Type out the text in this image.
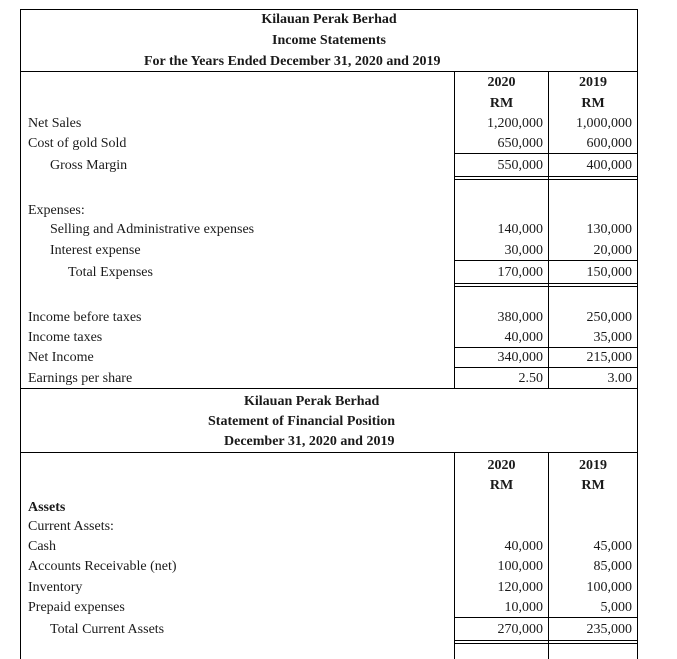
Kilauan Perak Berhad
Income Statements
For the Years Ended December 31, 2020 and 2019
2020	2019
RM	RM
Net Sales	1,200,000	1,000,000
Cost of gold Sold	650,000	600,000
Gross Margin	550,000	400,000
Expenses:
Selling and Administrative expenses	140,000	130,000
Interest expense	30,000	20,000
Total Expenses	170,000	150,000
Income before taxes	380,000	250,000
Income taxes	40,000	35,000
Net Income	340,000	215,000
Earnings per share	2.50	3.00
Kilauan Perak Berhad
Statement of Financial Position
December 31, 2020 and 2019
2020	2019
RM	RM
Assets
Current Assets:
Cash	40,000	45,000
Accounts Receivable (net)	100,000	85,000
Inventory	120,000	100,000
Prepaid expenses	10,000	5,000
Total Current Assets	270,000	235,000
